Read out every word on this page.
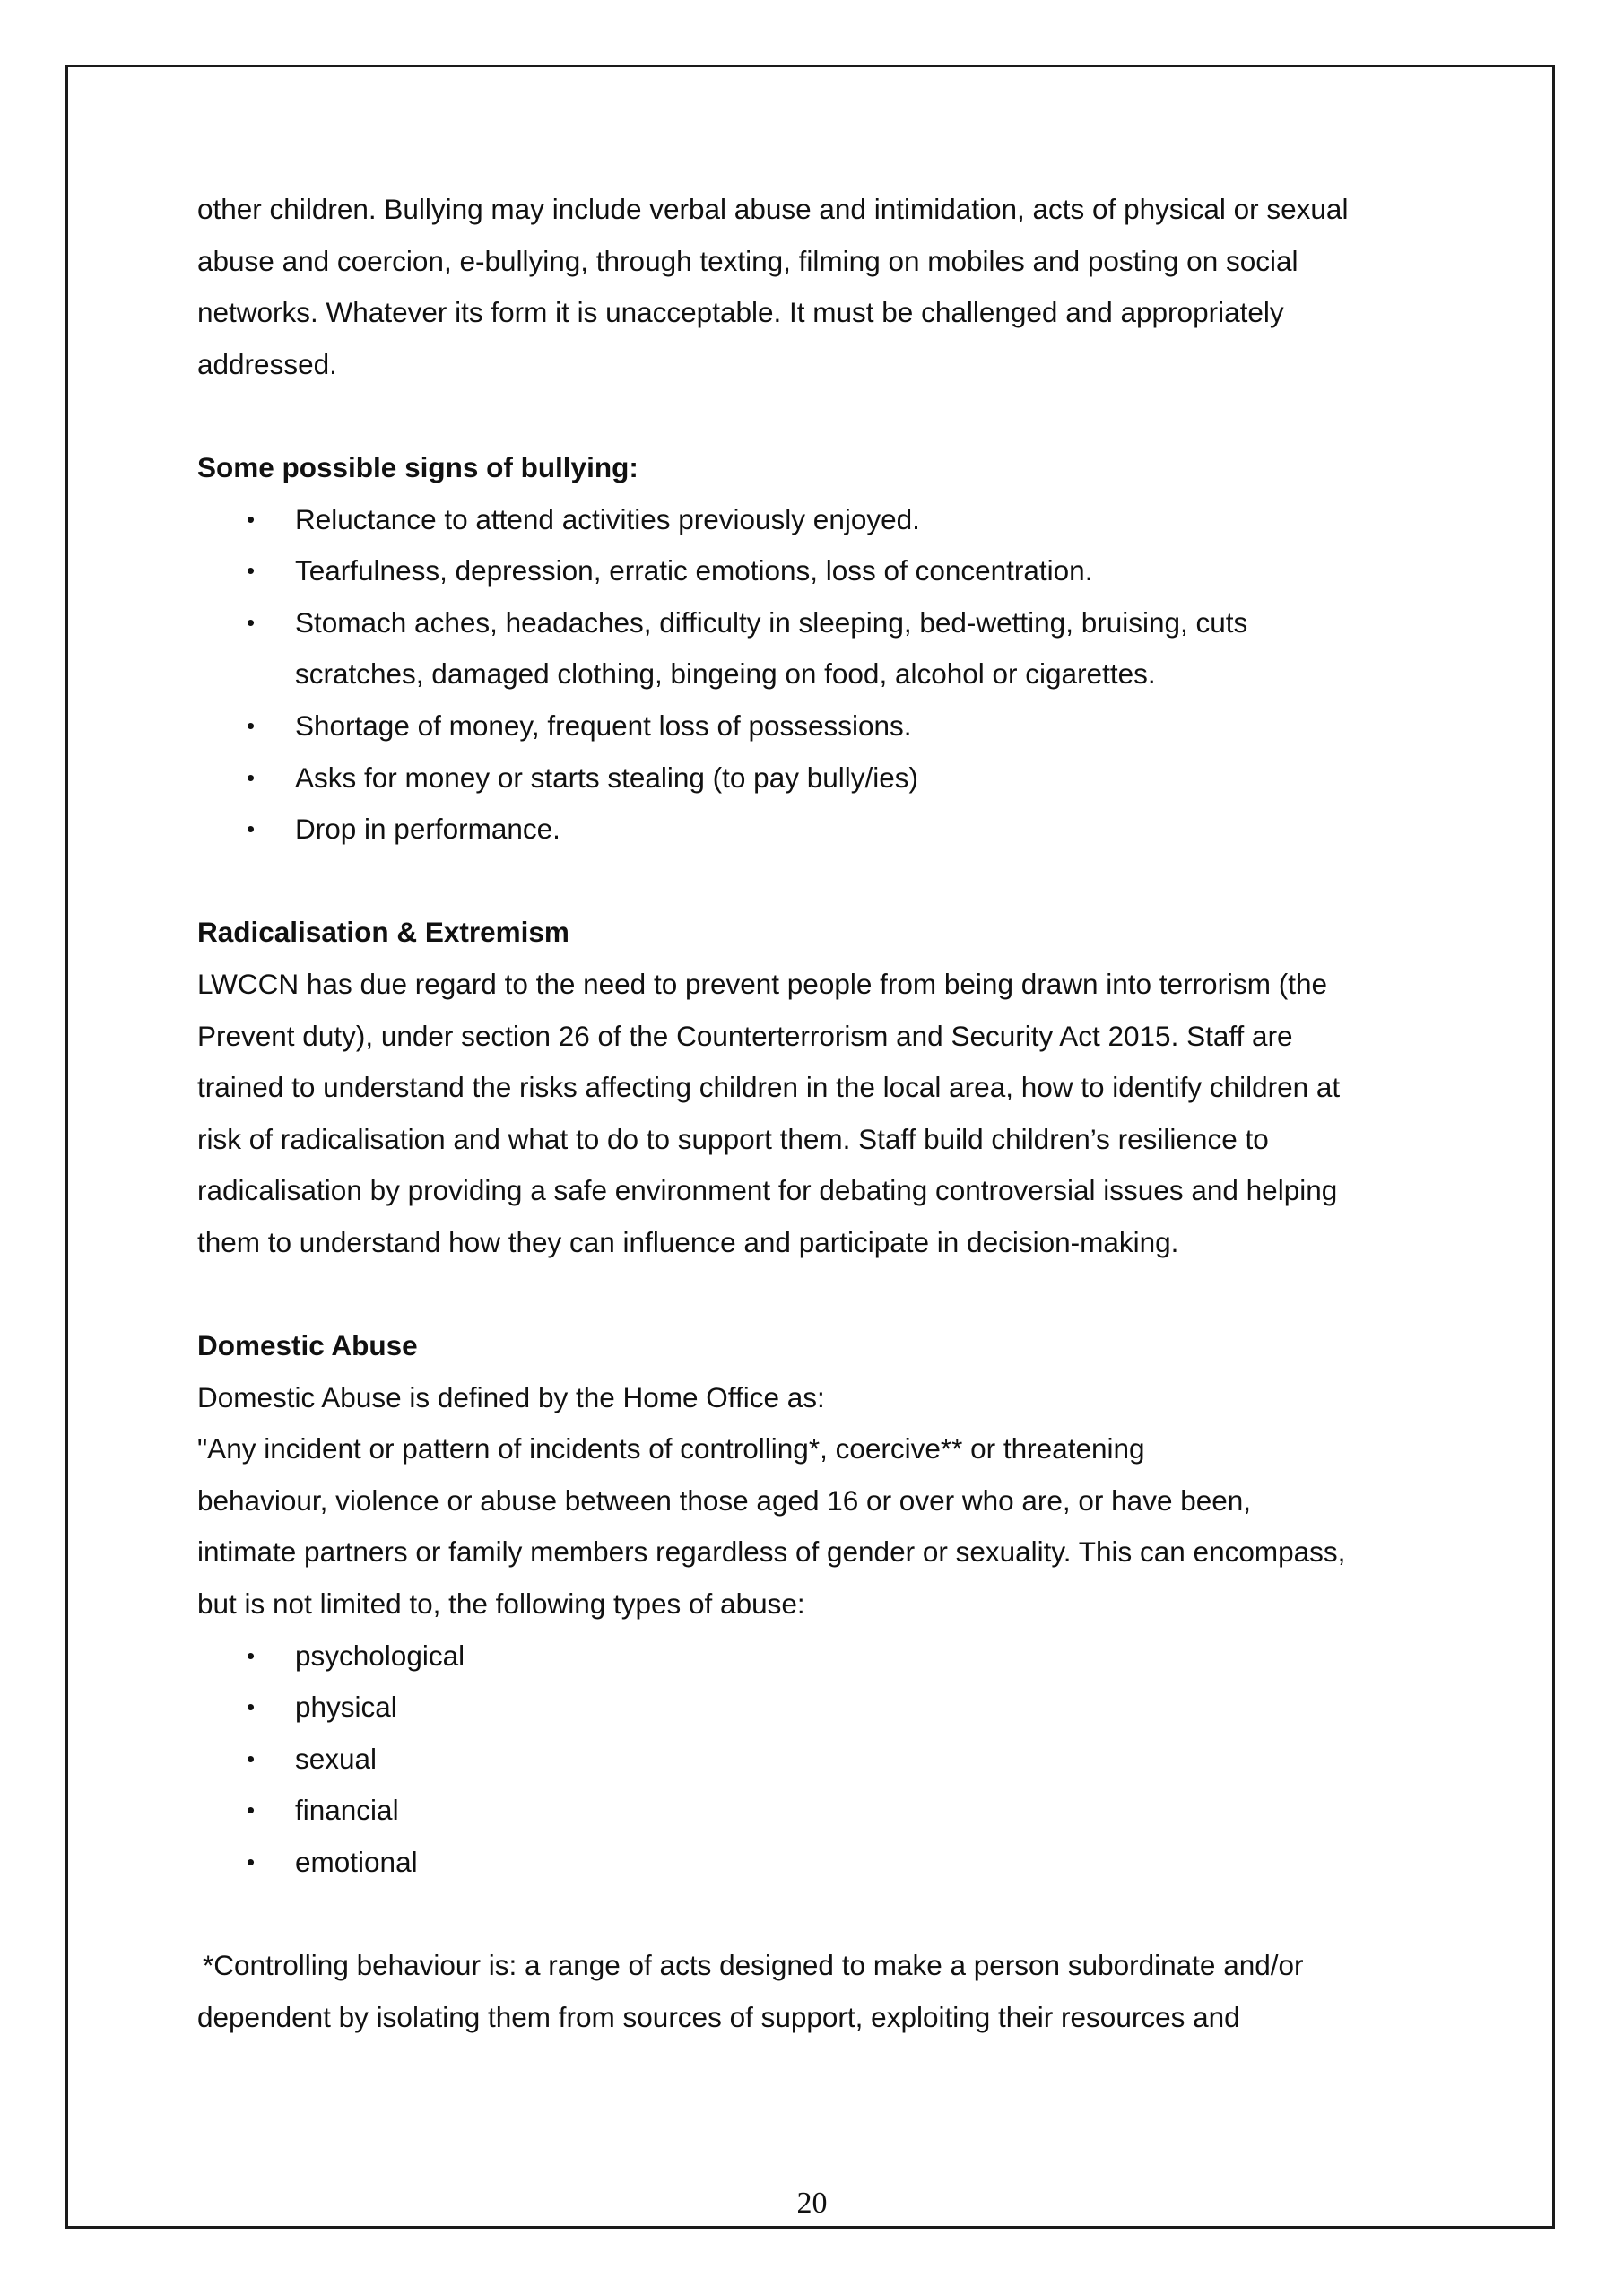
other children. Bullying may include verbal abuse and intimidation, acts of physical or sexual

abuse and coercion, e-bullying, through texting, filming on mobiles and posting on social

networks. Whatever its form it is unacceptable. It must be challenged and appropriately

addressed.

Some possible signs of bullying:

• Reluctance to attend activities previously enjoyed.
• Tearfulness, depression, erratic emotions, loss of concentration.
• Stomach aches, headaches, difficulty in sleeping, bed-wetting, bruising, cuts
scratches, damaged clothing, bingeing on food, alcohol or cigarettes.
• Shortage of money, frequent loss of possessions.
• Asks for money or starts stealing (to pay bully/ies)
• Drop in performance.

Radicalisation & Extremism

LWCCN has due regard to the need to prevent people from being drawn into terrorism (the

Prevent duty), under section 26 of the Counterterrorism and Security Act 2015. Staff are

trained to understand the risks affecting children in the local area, how to identify children at

risk of radicalisation and what to do to support them. Staff build children’s resilience to

radicalisation by providing a safe environment for debating controversial issues and helping

them to understand how they can influence and participate in decision-making.

Domestic Abuse

Domestic Abuse is defined by the Home Office as:

"Any incident or pattern of incidents of controlling*, coercive** or threatening

behaviour, violence or abuse between those aged 16 or over who are, or have been,

intimate partners or family members regardless of gender or sexuality. This can encompass,

but is not limited to, the following types of abuse:

• psychological
• physical
• sexual
• financial
• emotional

*Controlling behaviour is: a range of acts designed to make a person subordinate and/or

dependent by isolating them from sources of support, exploiting their resources and

20
